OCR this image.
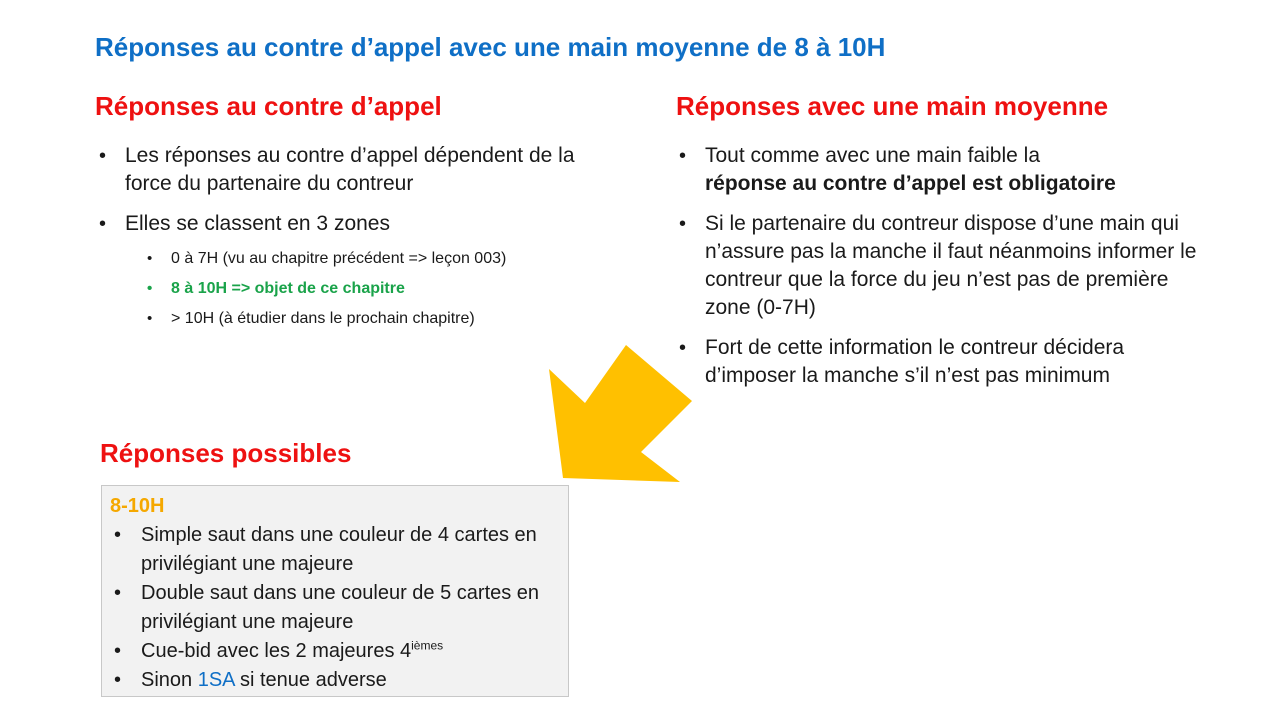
Réponses au contre d’appel avec une main moyenne de 8 à 10H
Réponses au contre d’appel
• Les réponses au contre d’appel dépendent de la force du partenaire du contreur
• Elles se classent en 3 zones
• 0 à 7H (vu au chapitre précédent => leçon 003)
• 8 à 10H => objet de ce chapitre
• > 10H (à étudier dans le prochain chapitre)
Réponses avec une main moyenne
• Tout comme avec une main faible la
réponse au contre d’appel est obligatoire
• Si le partenaire du contreur dispose d’une main qui n’assure pas la manche il faut néanmoins informer le contreur que la force du jeu n’est pas de première zone (0-7H)
• Fort de cette information le contreur décidera d’imposer la manche s’il n’est pas minimum
Réponses possibles
8-10H
• Simple saut dans une couleur de 4 cartes en privilégiant une majeure
• Double saut dans une couleur de 5 cartes en privilégiant une majeure
• Cue-bid avec les 2 majeures $4^{ièmes}$
• Sinon 1SA si tenue adverse
